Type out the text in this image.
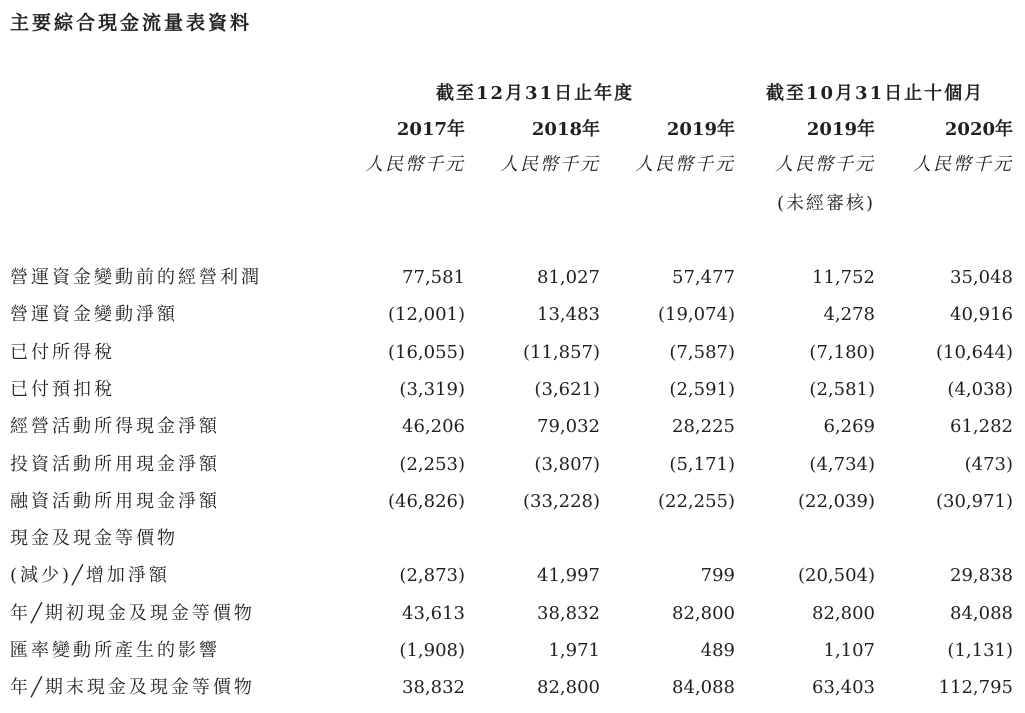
主要綜合現金流量表資料
截至12月31日止年度	截至10月31日止十個月
2017年	2018年	2019年	2019年	2020年
人民幣千元	人民幣千元	人民幣千元	人民幣千元	人民幣千元
(未經審核)
營運資金變動前的經營利潤	77,581	81,027	57,477	11,752	35,048
營運資金變動淨額	(12,001)	13,483	(19,074)	4,278	40,916
已付所得稅	(16,055)	(11,857)	(7,587)	(7,180)	(10,644)
已付預扣稅	(3,319)	(3,621)	(2,591)	(2,581)	(4,038)
經營活動所得現金淨額	46,206	79,032	28,225	6,269	61,282
投資活動所用現金淨額	(2,253)	(3,807)	(5,171)	(4,734)	(473)
融資活動所用現金淨額	(46,826)	(33,228)	(22,255)	(22,039)	(30,971)
現金及現金等價物
(減少)╱增加淨額	(2,873)	41,997	799	(20,504)	29,838
年╱期初現金及現金等價物	43,613	38,832	82,800	82,800	84,088
匯率變動所產生的影響	(1,908)	1,971	489	1,107	(1,131)
年╱期末現金及現金等價物	38,832	82,800	84,088	63,403	112,795
